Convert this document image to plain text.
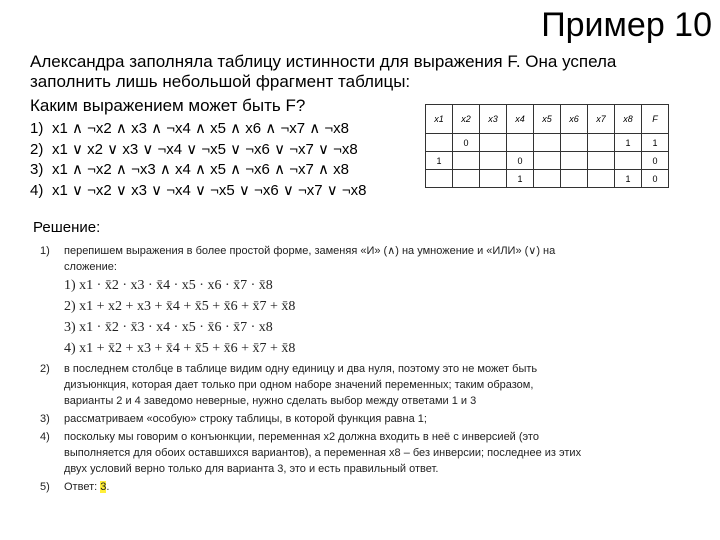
Пример 10
Александра заполняла таблицу истинности для выражения F. Она успела заполнить лишь небольшой фрагмент таблицы:
Каким выражением может быть F?
1) x1 ∧ ¬x2 ∧ x3 ∧ ¬x4 ∧ x5 ∧ x6 ∧ ¬x7 ∧ ¬x8
2) x1 ∨ x2 ∨ x3 ∨ ¬x4 ∨ ¬x5 ∨ ¬x6 ∨ ¬x7 ∨ ¬x8
3) x1 ∧ ¬x2 ∧ ¬x3 ∧ x4 ∧ x5 ∧ ¬x6 ∧ ¬x7 ∧ x8
4) x1 ∨ ¬x2 ∨ x3 ∨ ¬x4 ∨ ¬x5 ∨ ¬x6 ∨ ¬x7 ∨ ¬x8
x1	x2	x3	x4	x5	x6	x7	x8	F
	0						1	1
1			0					0
			1				1	0
Решение:
1)	перепишем выражения в более простой форме, заменяя «И» (∧) на умножение и «ИЛИ» (∨) на сложение:
1) x1 · x̄2 · x3 · x̄4 · x5 · x6 · x̄7 · x̄8
2) x1 + x2 + x3 + x̄4 + x̄5 + x̄6 + x̄7 + x̄8
3) x1 · x̄2 · x̄3 · x4 · x5 · x̄6 · x̄7 · x8
4) x1 + x̄2 + x3 + x̄4 + x̄5 + x̄6 + x̄7 + x̄8
2)	в последнем столбце в таблице видим одну единицу и два нуля, поэтому это не может быть дизъюнкция, которая дает только при одном наборе значений переменных; таким образом, варианты 2 и 4 заведомо неверные, нужно сделать выбор между ответами 1 и 3
3)	рассматриваем «особую» строку таблицы, в которой функция равна 1;
4)	поскольку мы говорим о конъюнкции, переменная x2 должна входить в неё с инверсией (это выполняется для обоих оставшихся вариантов), а переменная x8 – без инверсии; последнее из этих двух условий верно только для варианта 3, это и есть правильный ответ.
5)	Ответ: 3.
